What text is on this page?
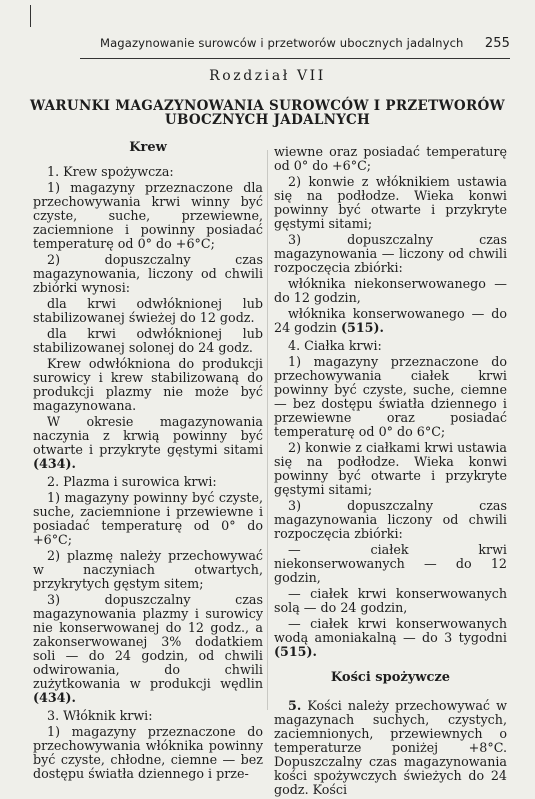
Magazynowanie surowców i przetworów ubocznych jadalnych 255
Rozdział VII
WARUNKI MAGAZYNOWANIA SUROWCÓW I PRZETWORÓW
UBOCZNYCH JADALNYCH
Krew

1. Krew spożywcza:

1) magazyny przeznaczone dla przechowywania krwi winny być czyste, suche, przewiewne, zaciemnione i powinny posiadać temperaturę od 0° do +6°C;

2) dopuszczalny czas magazynowania, liczony od chwili zbiórki wynosi:

dla krwi odwłóknionej lub stabilizowanej świeżej do 12 godz.

dla krwi odwłóknionej lub stabilizowanej solonej do 24 godz.

Krew odwłókniona do produkcji surowicy i krew stabilizowaną do produkcji plazmy nie może być magazynowana.

W okresie magazynowania naczynia z krwią powinny być otwarte i przykryte gęstymi sitami (434).

2. Plazma i surowica krwi:

1) magazyny powinny być czyste, suche, zaciemnione i przewiewne i posiadać temperaturę od 0° do +6°C;

2) plazmę należy przechowywać w naczyniach otwartych, przykrytych gęstym sitem;

3) dopuszczalny czas magazynowania plazmy i surowicy nie konserwowanej do 12 godz., a zakonserwowanej 3% dodatkiem soli — do 24 godzin, od chwili odwirowania, do chwili zużytkowania w produkcji wędlin (434).

3. Włóknik krwi:

1) magazyny przeznaczone do przechowywania włóknika powinny być czyste, chłodne, ciemne — bez dostępu światła dziennego i prze-

wiewne oraz posiadać temperaturę od 0° do +6°C;

2) konwie z włóknikiem ustawia się na podłodze. Wieka konwi powinny być otwarte i przykryte gęstymi sitami;

3) dopuszczalny czas magazynowania — liczony od chwili rozpoczęcia zbiórki:

włóknika niekonserwowanego — do 12 godzin,

włóknika konserwowanego — do 24 godzin (515).

4. Ciałka krwi:

1) magazyny przeznaczone do przechowywania ciałek krwi powinny być czyste, suche, ciemne — bez dostępu światła dziennego i przewiewne oraz posiadać temperaturę od 0° do 6°C;

2) konwie z ciałkami krwi ustawia się na podłodze. Wieka konwi powinny być otwarte i przykryte gęstymi sitami;

3) dopuszczalny czas magazynowania liczony od chwili rozpoczęcia zbiórki:

— ciałek krwi niekonserwowanych — do 12 godzin,

— ciałek krwi konserwowanych solą — do 24 godzin,

— ciałek krwi konserwowanych wodą amoniakalną — do 3 tygodni (515).

Kości spożywcze

5. Kości należy przechowywać w magazynach suchych, czystych, zaciemnionych, przewiewnych o temperaturze poniżej +8°C. Dopuszczalny czas magazynowania kości spożywczych świeżych do 24 godz. Kości
